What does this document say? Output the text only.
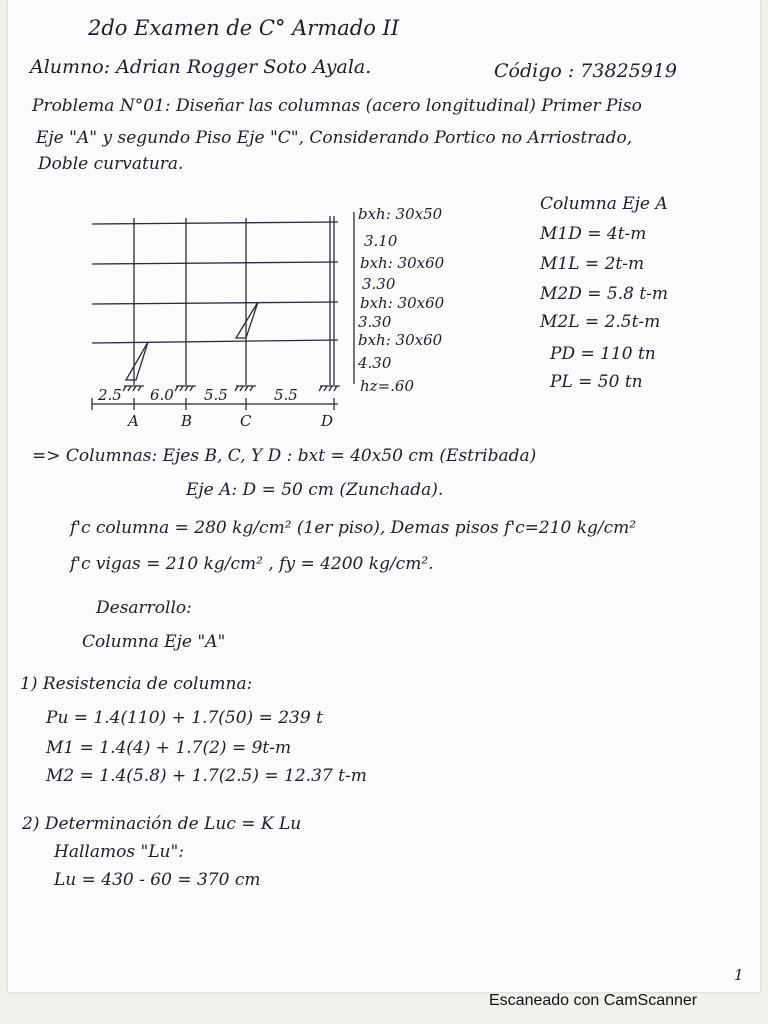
2do Examen de C° Armado II
Alumno: Adrian Rogger Soto Ayala.	Código : 73825919
Problema N°01: Diseñar las columnas (acero longitudinal) Primer Piso
Eje "A" y segundo Piso Eje "C", Considerando Portico no Arriostrado,
Doble curvatura.
bxh: 30x50
3.10
bxh: 30x60
3.30
bxh: 30x60
3.30
bxh: 30x60
4.30
hz=.60
2.5 6.0 5.5	5.5
A	B	C	D
Columna Eje A
M1D = 4t-m
M1L = 2t-m
M2D = 5.8 t-m
M2L = 2.5t-m
PD = 110 tn
PL = 50 tn
=> Columnas: Ejes B, C, Y D : bxt = 40x50 cm (Estribada)
Eje A: D = 50 cm (Zunchada).
f'c columna = 280 kg/cm² (1er piso), Demas pisos f'c=210 kg/cm²
f'c vigas = 210 kg/cm² , fy = 4200 kg/cm².
Desarrollo:
Columna Eje "A"
1) Resistencia de columna:
Pu = 1.4(110) + 1.7(50) = 239 t
M1 = 1.4(4) + 1.7(2) = 9t-m
M2 = 1.4(5.8) + 1.7(2.5) = 12.37 t-m
2) Determinación de Luc = K Lu
Hallamos "Lu":
Lu = 430 - 60 = 370 cm
1
Escaneado con CamScanner
